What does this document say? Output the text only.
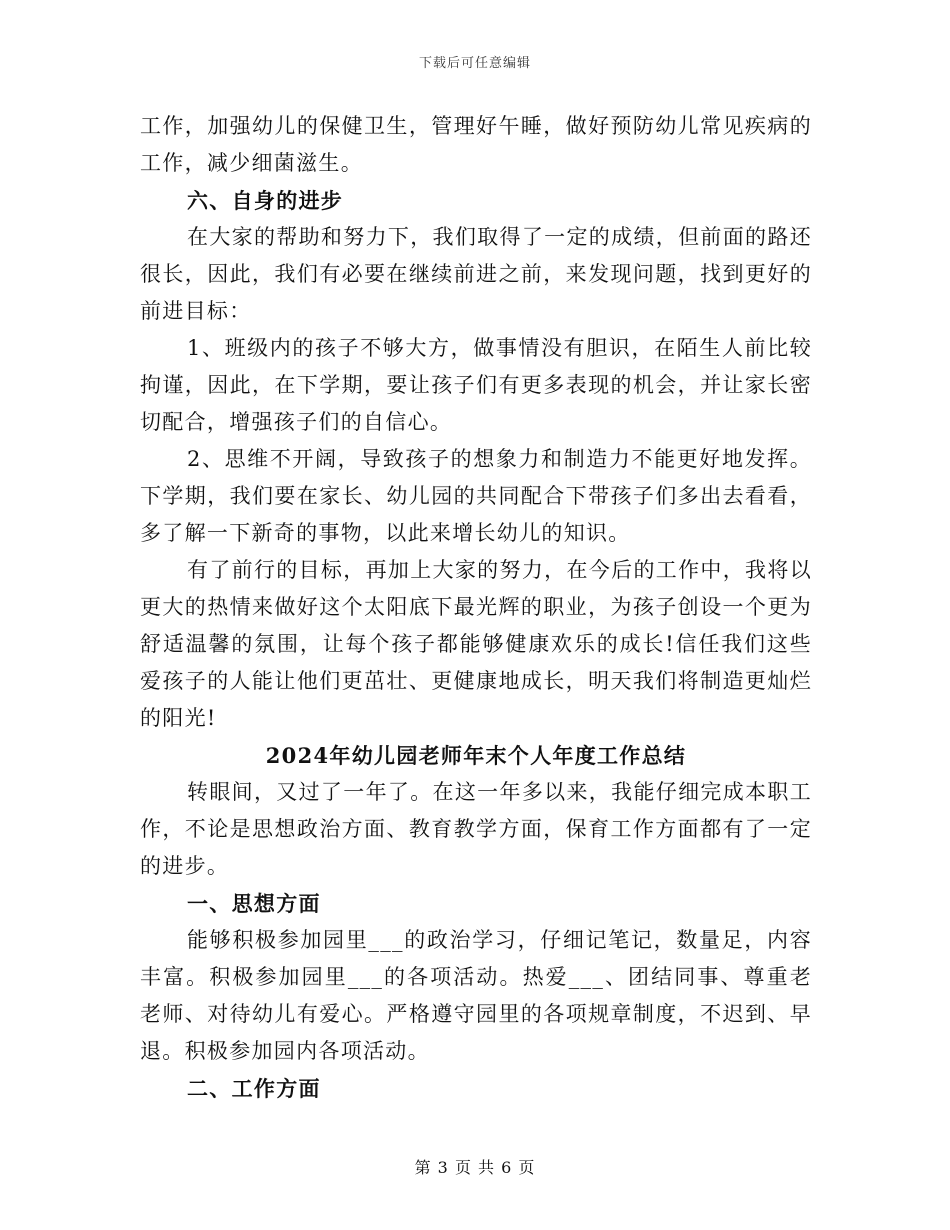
下载后可任意编辑

工作，加强幼儿的保健卫生，管理好午睡，做好预防幼儿常见疾病的工作，减少细菌滋生。

六、自身的进步

在大家的帮助和努力下，我们取得了一定的成绩，但前面的路还很长，因此，我们有必要在继续前进之前，来发现问题，找到更好的前进目标：

1、班级内的孩子不够大方，做事情没有胆识，在陌生人前比较拘谨，因此，在下学期，要让孩子们有更多表现的机会，并让家长密切配合，增强孩子们的自信心。

2、思维不开阔，导致孩子的想象力和制造力不能更好地发挥。下学期，我们要在家长、幼儿园的共同配合下带孩子们多出去看看，多了解一下新奇的事物，以此来增长幼儿的知识。

有了前行的目标，再加上大家的努力，在今后的工作中，我将以更大的热情来做好这个太阳底下最光辉的职业，为孩子创设一个更为舒适温馨的氛围，让每个孩子都能够健康欢乐的成长!信任我们这些爱孩子的人能让他们更茁壮、更健康地成长，明天我们将制造更灿烂的阳光!

2024年幼儿园老师年末个人年度工作总结

转眼间，又过了一年了。在这一年多以来，我能仔细完成本职工作，不论是思想政治方面、教育教学方面，保育工作方面都有了一定的进步。

一、思想方面

能够积极参加园里___的政治学习，仔细记笔记，数量足，内容丰富。积极参加园里___的各项活动。热爱___、团结同事、尊重老老师、对待幼儿有爱心。严格遵守园里的各项规章制度，不迟到、早退。积极参加园内各项活动。

二、工作方面

第 3 页 共 6 页
